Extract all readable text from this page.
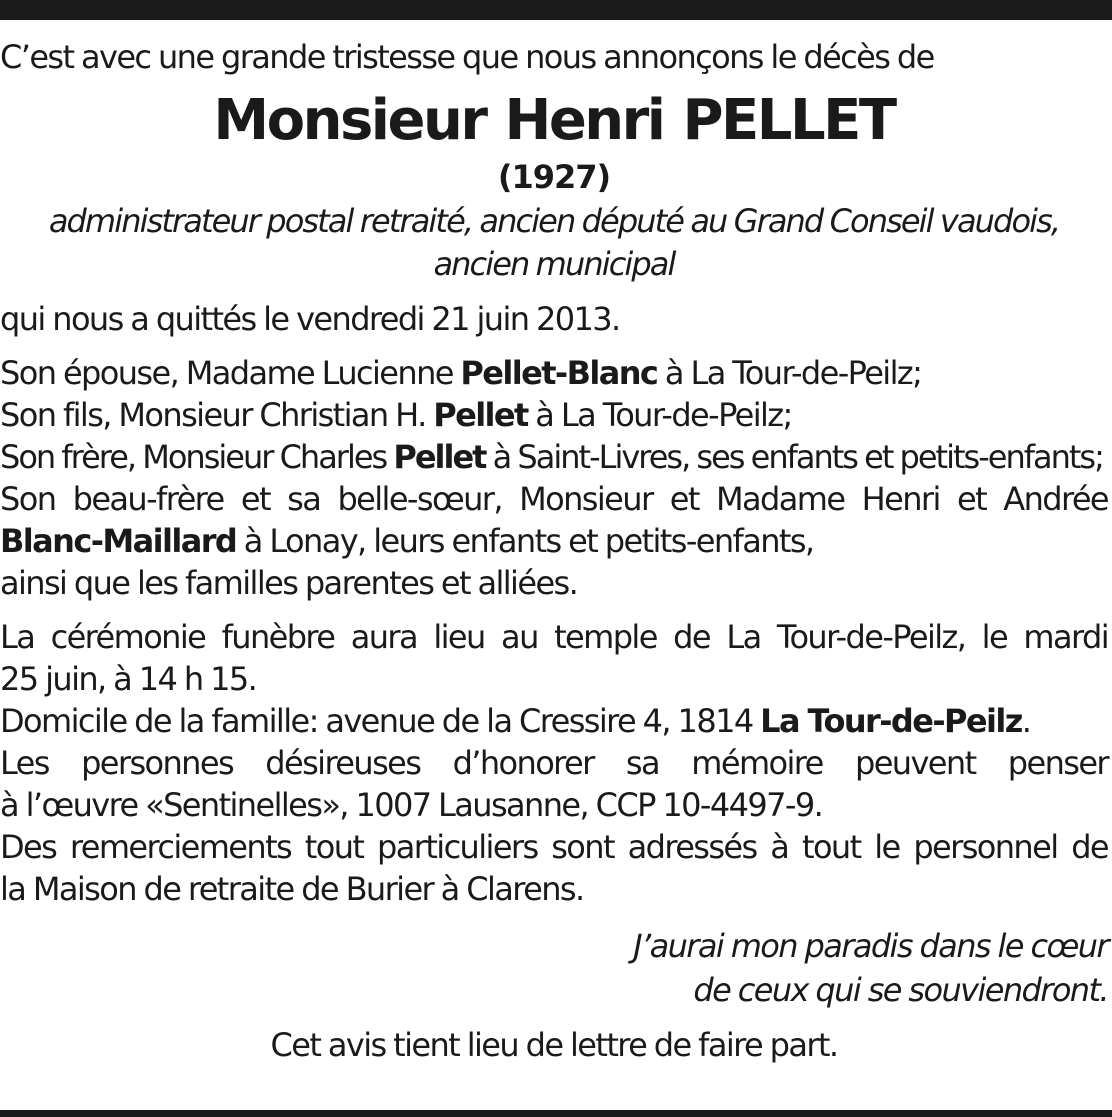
C’est avec une grande tristesse que nous annonçons le décès de

Monsieur Henri PELLET

(1927)

administrateur postal retraité, ancien député au Grand Conseil vaudois,

ancien municipal

qui nous a quittés le vendredi 21 juin 2013.

Son épouse, Madame Lucienne Pellet-Blanc à La Tour-de-Peilz;

Son fils, Monsieur Christian H. Pellet à La Tour-de-Peilz;

Son frère, Monsieur Charles Pellet à Saint-Livres, ses enfants et petits-enfants;

Son beau-frère et sa belle-sœur, Monsieur et Madame Henri et Andrée

Blanc-Maillard à Lonay, leurs enfants et petits-enfants,

ainsi que les familles parentes et alliées.

La cérémonie funèbre aura lieu au temple de La Tour-de-Peilz, le mardi

25 juin, à 14 h 15.

Domicile de la famille: avenue de la Cressire 4, 1814 La Tour-de-Peilz.

Les personnes désireuses d’honorer sa mémoire peuvent penser

à l’œuvre «Sentinelles», 1007 Lausanne, CCP 10-4497-9.

Des remerciements tout particuliers sont adressés à tout le personnel de

la Maison de retraite de Burier à Clarens.

J’aurai mon paradis dans le cœur

de ceux qui se souviendront.

Cet avis tient lieu de lettre de faire part.
